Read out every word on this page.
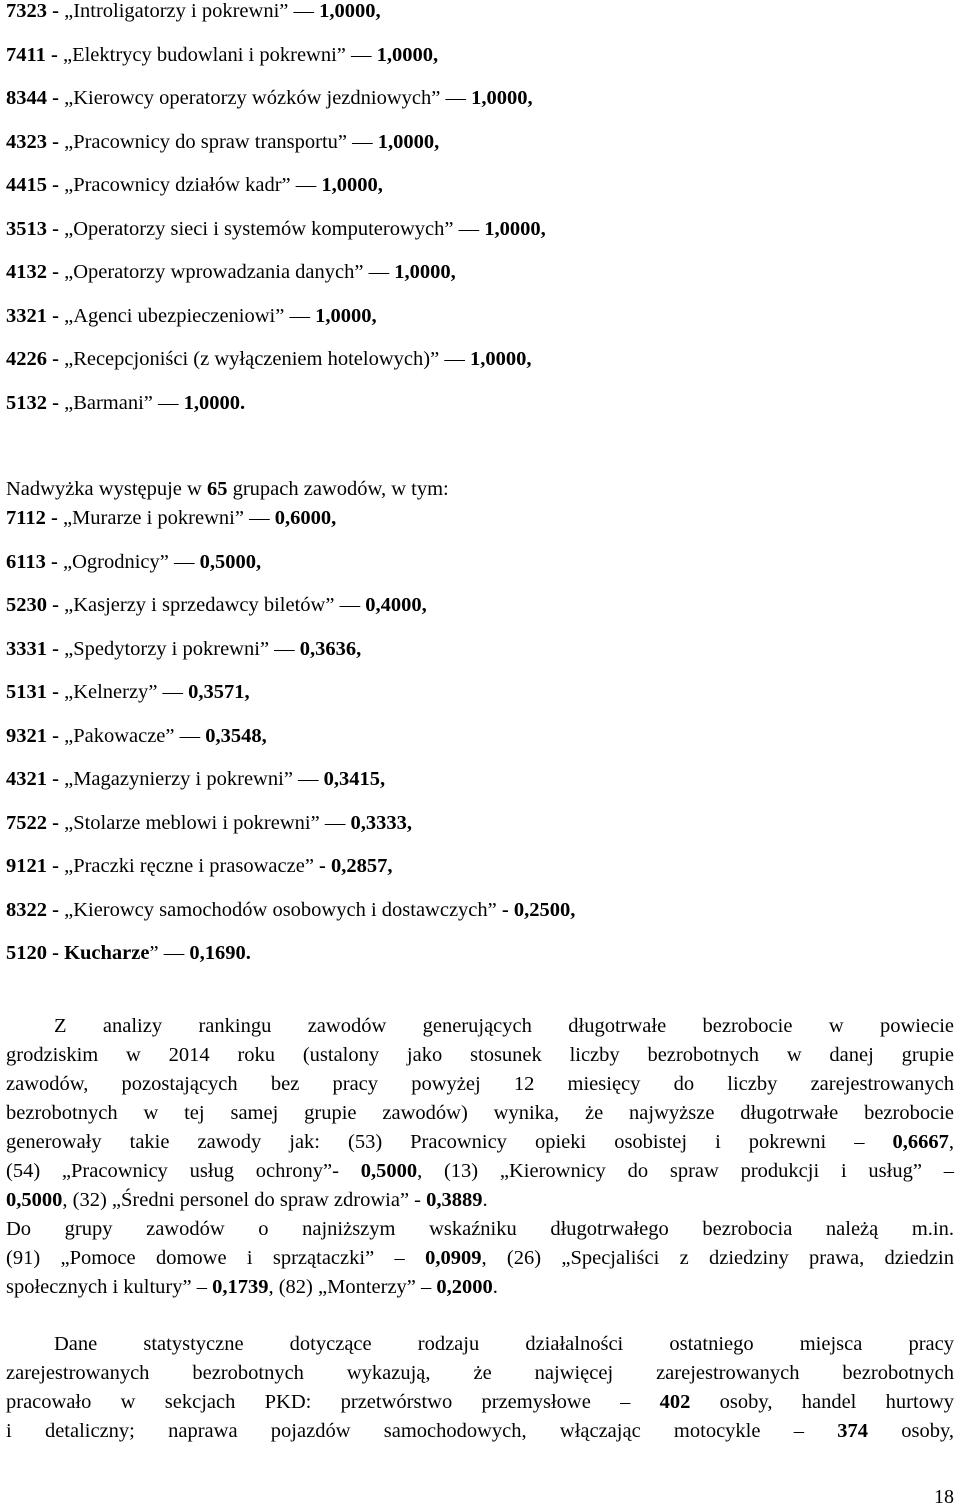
7323 - „Introligatorzy i pokrewni” — 1,0000,
7411 - „Elektrycy budowlani i pokrewni” — 1,0000,
8344 - „Kierowcy operatorzy wózków jezdniowych” — 1,0000,
4323 - „Pracownicy do spraw transportu” — 1,0000,
4415 - „Pracownicy działów kadr” — 1,0000,
3513 - „Operatorzy sieci i systemów komputerowych” — 1,0000,
4132 - „Operatorzy wprowadzania danych” — 1,0000,
3321 - „Agenci ubezpieczeniowi” — 1,0000,
4226 - „Recepcjoniści (z wyłączeniem hotelowych)” — 1,0000,
5132 - „Barmani” — 1,0000.
Nadwyżka występuje w 65 grupach zawodów, w tym:
7112 - „Murarze i pokrewni” — 0,6000,
6113 - „Ogrodnicy” — 0,5000,
5230 - „Kasjerzy i sprzedawcy biletów” — 0,4000,
3331 - „Spedytorzy i pokrewni” — 0,3636,
5131 - „Kelnerzy” — 0,3571,
9321 - „Pakowacze” — 0,3548,
4321 - „Magazynierzy i pokrewni” — 0,3415,
7522 - „Stolarze meblowi i pokrewni” — 0,3333,
9121 - „Praczki ręczne i prasowacze” - 0,2857,
8322 - „Kierowcy samochodów osobowych i dostawczych” - 0,2500,
5120 - Kucharze” — 0,1690.
Z analizy rankingu zawodów generujących długotrwałe bezrobocie w powiecie
grodziskim w 2014 roku (ustalony jako stosunek liczby bezrobotnych w danej grupie
zawodów, pozostających bez pracy powyżej 12 miesięcy do liczby zarejestrowanych
bezrobotnych w tej samej grupie zawodów) wynika, że najwyższe długotrwałe bezrobocie
generowały takie zawody jak: (53) Pracownicy opieki osobistej i pokrewni – 0,6667,
(54) „Pracownicy usług ochrony”- 0,5000, (13) „Kierownicy do spraw produkcji i usług” –
0,5000, (32) „Średni personel do spraw zdrowia” - 0,3889.
Do grupy zawodów o najniższym wskaźniku długotrwałego bezrobocia należą m.in.
(91) „Pomoce domowe i sprzątaczki” – 0,0909, (26) „Specjaliści z dziedziny prawa, dziedzin
społecznych i kultury” – 0,1739, (82) „Monterzy” – 0,2000.
Dane statystyczne dotyczące rodzaju działalności ostatniego miejsca pracy
zarejestrowanych bezrobotnych wykazują, że najwięcej zarejestrowanych bezrobotnych
pracowało w sekcjach PKD: przetwórstwo przemysłowe – 402 osoby, handel hurtowy
i detaliczny; naprawa pojazdów samochodowych, włączając motocykle – 374 osoby,
18
